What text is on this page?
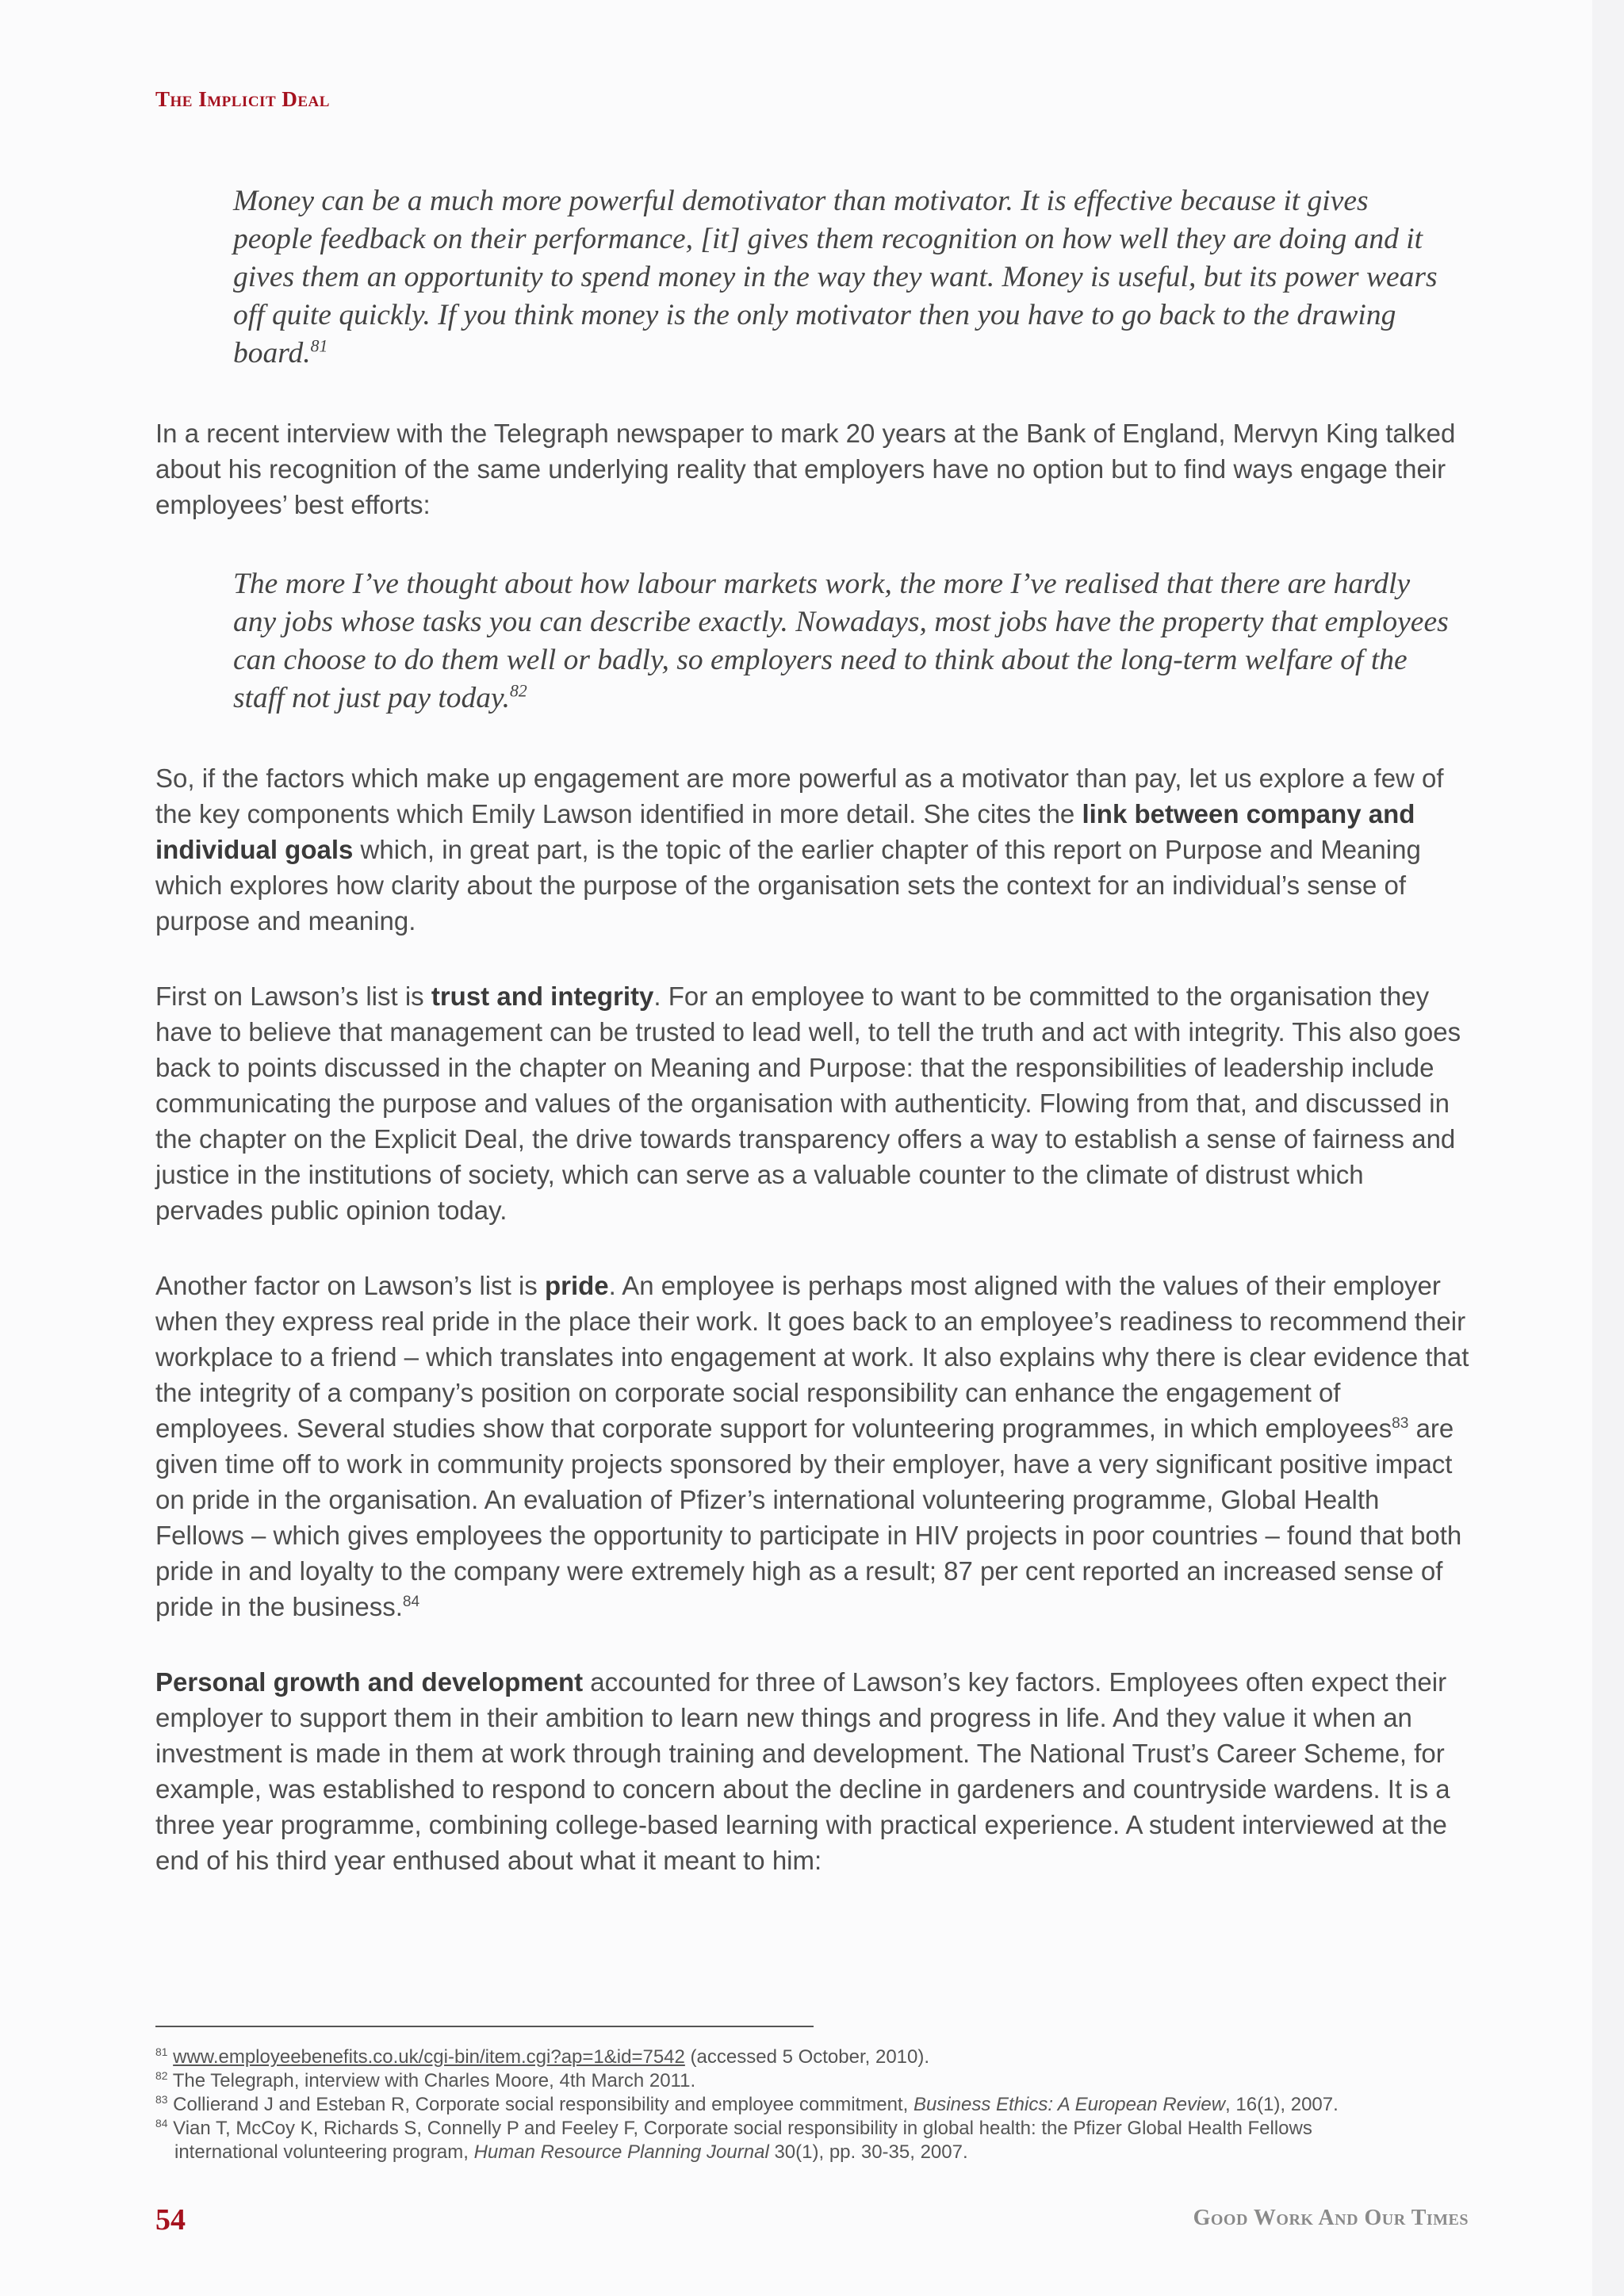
The Implicit Deal

Money can be a much more powerful demotivator than motivator. It is effective because it gives people feedback on their performance, [it] gives them recognition on how well they are doing and it gives them an opportunity to spend money in the way they want. Money is useful, but its power wears off quite quickly. If you think money is the only motivator then you have to go back to the drawing board.$^{81}$

In a recent interview with the Telegraph newspaper to mark 20 years at the Bank of England, Mervyn King talked about his recognition of the same underlying reality that employers have no option but to find ways engage their employees’ best efforts:

The more I’ve thought about how labour markets work, the more I’ve realised that there are hardly any jobs whose tasks you can describe exactly. Nowadays, most jobs have the property that employees can choose to do them well or badly, so employers need to think about the long-term welfare of the staff not just pay today.$^{82}$

So, if the factors which make up engagement are more powerful as a motivator than pay, let us explore a few of the key components which Emily Lawson identified in more detail. She cites the link between company and individual goals which, in great part, is the topic of the earlier chapter of this report on Purpose and Meaning which explores how clarity about the purpose of the organisation sets the context for an individual’s sense of purpose and meaning.

First on Lawson’s list is trust and integrity. For an employee to want to be committed to the organisation they have to believe that management can be trusted to lead well, to tell the truth and act with integrity. This also goes back to points discussed in the chapter on Meaning and Purpose: that the responsibilities of leadership include communicating the purpose and values of the organisation with authenticity. Flowing from that, and discussed in the chapter on the Explicit Deal, the drive towards transparency offers a way to establish a sense of fairness and justice in the institutions of society, which can serve as a valuable counter to the climate of distrust which pervades public opinion today.

Another factor on Lawson’s list is pride. An employee is perhaps most aligned with the values of their employer when they express real pride in the place their work. It goes back to an employee’s readiness to recommend their workplace to a friend – which translates into engagement at work. It also explains why there is clear evidence that the integrity of a company’s position on corporate social responsibility can enhance the engagement of employees. Several studies show that corporate support for volunteering programmes, in which employees$^{83}$ are given time off to work in community projects sponsored by their employer, have a very significant positive impact on pride in the organisation. An evaluation of Pfizer’s international volunteering programme, Global Health Fellows – which gives employees the opportunity to participate in HIV projects in poor countries – found that both pride in and loyalty to the company were extremely high as a result; 87 per cent reported an increased sense of pride in the business.$^{84}$

Personal growth and development accounted for three of Lawson’s key factors. Employees often expect their employer to support them in their ambition to learn new things and progress in life. And they value it when an investment is made in them at work through training and development. The National Trust’s Career Scheme, for example, was established to respond to concern about the decline in gardeners and countryside wardens. It is a three year programme, combining college-based learning with practical experience. A student interviewed at the end of his third year enthused about what it meant to him:

$^{81}$ www.employeebenefits.co.uk/cgi-bin/item.cgi?ap=1&id=7542 (accessed 5 October, 2010).

$^{82}$ The Telegraph, interview with Charles Moore, 4th March 2011.

$^{83}$ Collierand J and Esteban R, Corporate social responsibility and employee commitment, Business Ethics: A European Review, 16(1), 2007.

$^{84}$ Vian T, McCoy K, Richards S, Connelly P and Feeley F, Corporate social responsibility in global health: the Pfizer Global Health Fellows
international volunteering program, Human Resource Planning Journal 30(1), pp. 30-35, 2007.

54	Good Work And Our Times
